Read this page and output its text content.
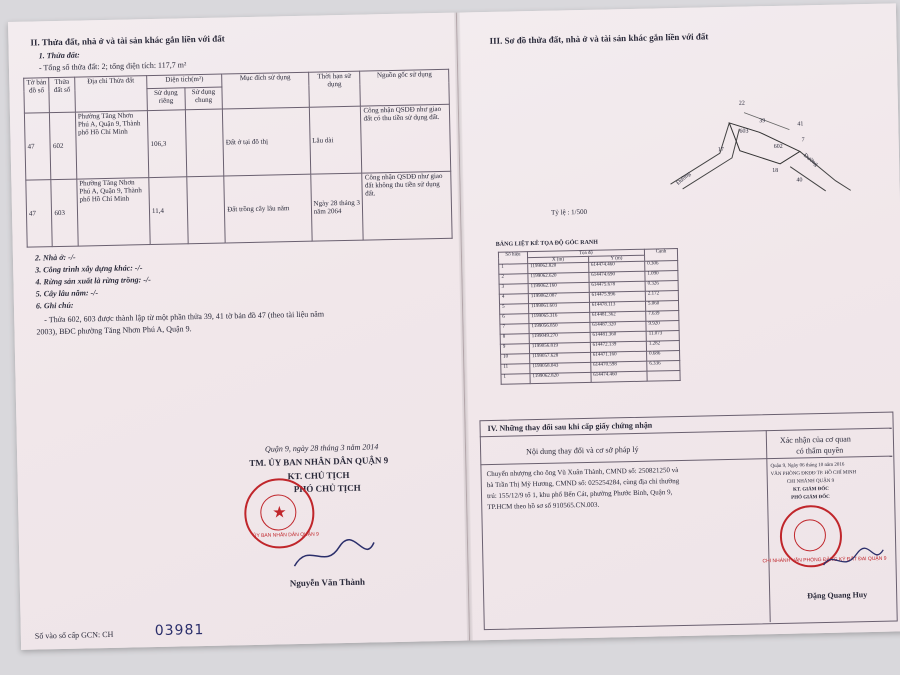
II. Thửa đất, nhà ở và tài sản khác gắn liền với đất
1. Thửa đất:
- Tổng số thửa đất: 2; tổng diện tích: 117,7 m²
Tờ bản đồ số	Thửa đất số	Địa chỉ Thửa đất	Diện tích(m²)		Mục đích sử dụng	Thời hạn sử dụng	Nguồn gốc sử dụng
			Sử dụng riêng	Sử dụng chung			
47	602	Phường Tăng Nhơn Phú A, Quận 9, Thành phố Hồ Chí Minh	106,3		Đất ở tại đô thị	Lâu dài	Công nhận QSDĐ như giao đất có thu tiền sử dụng đất.
47	603	Phường Tăng Nhơn Phú A, Quận 9, Thành phố Hồ Chí Minh	11,4		Đất trồng cây lâu năm	Ngày 28 tháng 3 năm 2064	Công nhận QSDĐ như giao đất không thu tiền sử dụng đất.
2. Nhà ở: -/-
3. Công trình xây dựng khác: -/-
4. Rừng sản xuất là rừng trồng: -/-
5. Cây lâu năm: -/-
6. Ghi chú:
- Thửa 602, 603 được thành lập từ một phần thửa 39, 41 tờ bản đồ 47 (theo tài liệu năm
2003), BĐC phường Tăng Nhơn Phú A, Quận 9.
Quận 9, ngày 28 tháng 3 năm 2014
TM. ỦY BAN NHÂN DÂN QUẬN 9
KT. CHỦ TỊCH
PHÓ CHỦ TỊCH
★
ỦY BAN NHÂN DÂN QUẬN 9
Nguyễn Văn Thành
Số vào sổ cấp GCN: CH	03981
III. Sơ đồ thửa đất, nhà ở và tài sản khác gắn liền với đất
603
602
Đường
Đường
22
39
41
17
18
40
7
Tỷ lệ : 1/500
BẢNG LIỆT KÊ TỌA ĐỘ GÓC RANH
Số hiệu	Tọa độ		Cạnh
	X (m)	Y (m)	
1	1199062.820	614474.460	0.306
2	1199062.620	614474.690	1.090
3	1199062.160	614475.678	0.326
4	1199062.087	614475.996	2.172
5	1199061.603	614478.113	5.060
6	1199065.316	614481.362	7.639
7	1199056.850	614487.320	9.920
8	1199049.270	614481.360	11.073
9	1199056.819	614472.139	1.282
10	1199057.628	614471.160	0.686
11	1199058.043	614470.598	6.336
1	1199062.820	614474.460	
IV. Những thay đổi sau khi cấp giấy chứng nhận
Nội dung thay đổi và cơ sở pháp lý
Xác nhận của cơ quan
có thẩm quyền
Chuyển nhượng cho ông Vũ Xuân Thành, CMND số: 250821250 và
bà Trần Thị Mỹ Hương, CMND số: 025254284, cùng địa chỉ thường
trú: 155/12/9 tổ 1, khu phố Bến Cát, phường Phước Bình, Quận 9,
TP.HCM theo hồ sơ số 910565.CN.003.
Quận 9, Ngày 06 tháng 10 năm 2016
VĂN PHÒNG ĐKĐĐ TP. HỒ CHÍ MINH
CHI NHÁNH QUẬN 9
KT. GIÁM ĐỐC
PHÓ GIÁM ĐỐC
CHI NHÁNH VĂN PHÒNG ĐĂNG KÝ ĐẤT ĐAI QUẬN 9
Đặng Quang Huy
